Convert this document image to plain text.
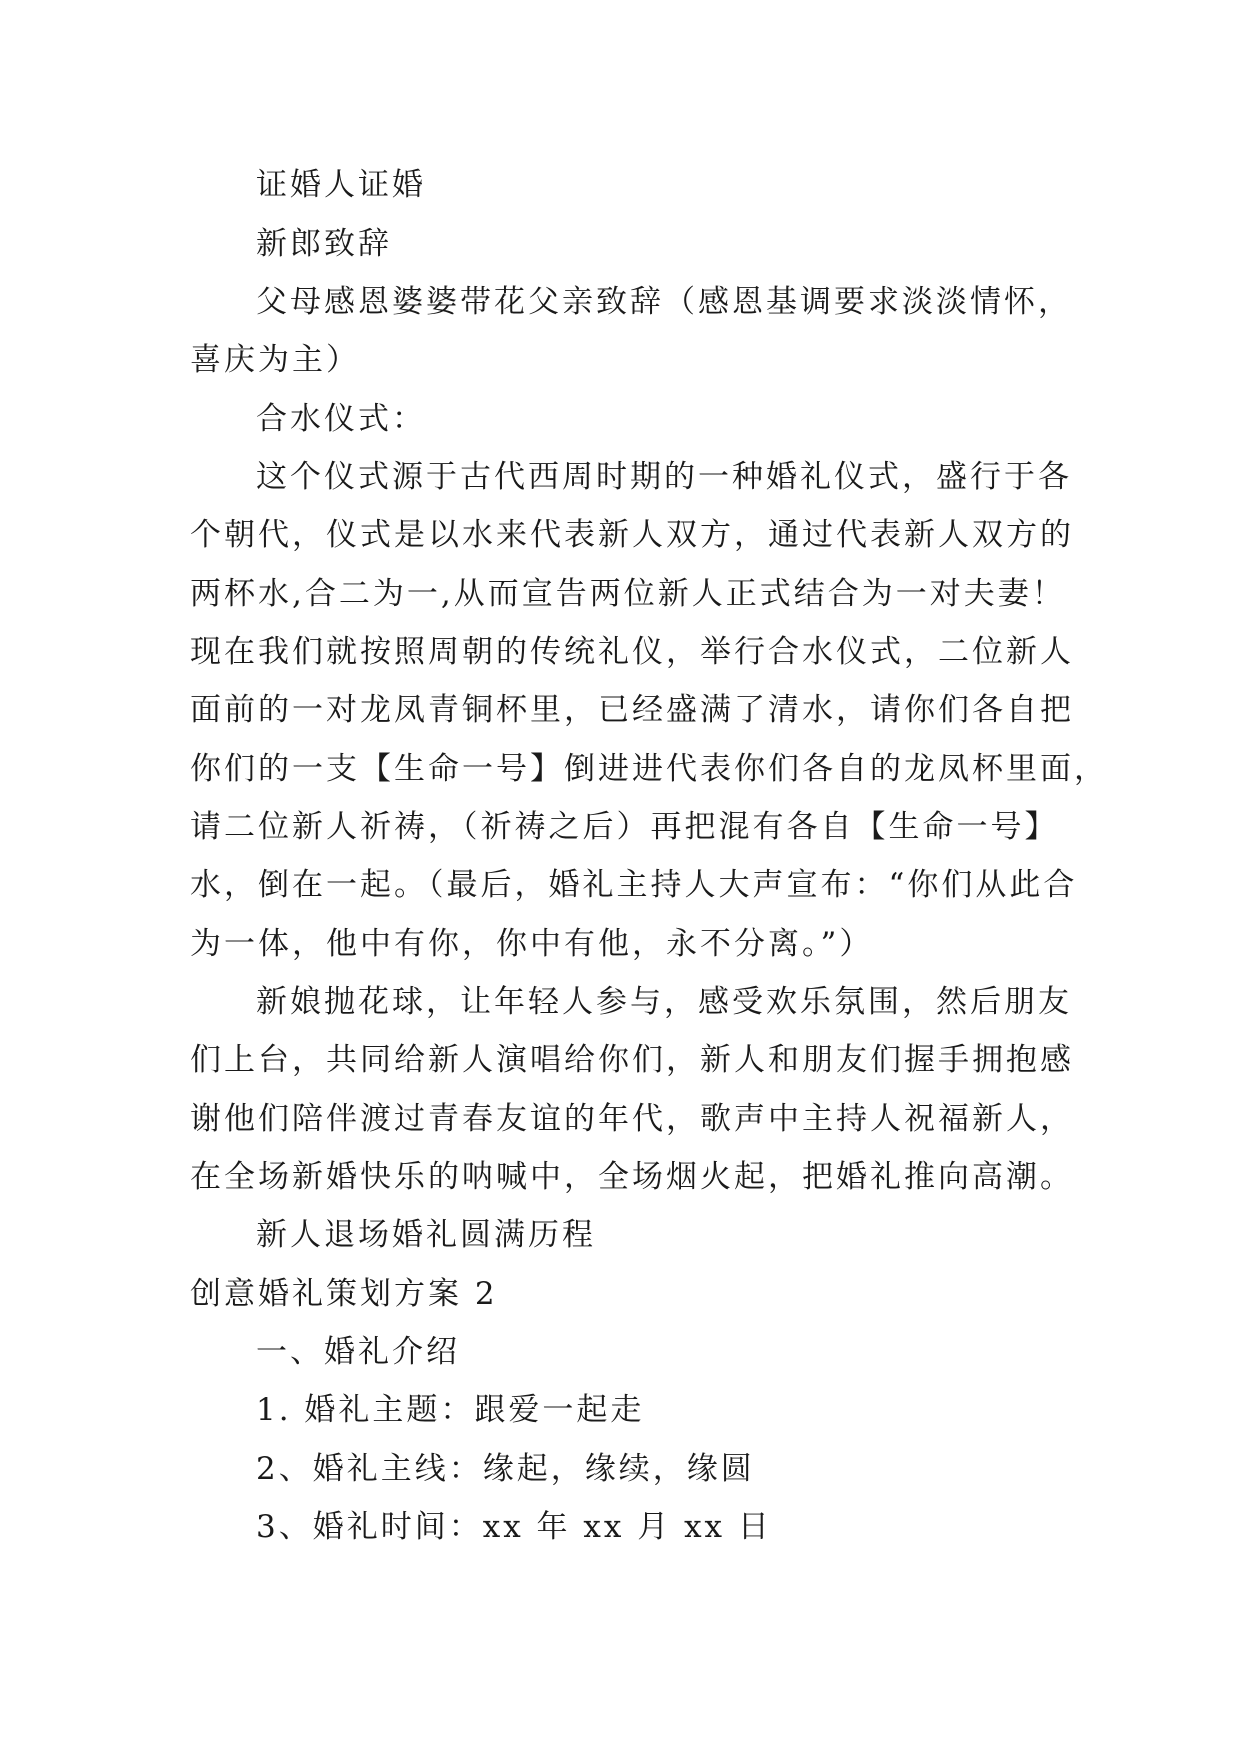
证婚人证婚
新郎致辞
父母感恩婆婆带花父亲致辞（感恩基调要求淡淡情怀，
喜庆为主）
合水仪式：
这个仪式源于古代西周时期的一种婚礼仪式，盛行于各
个朝代，仪式是以水来代表新人双方，通过代表新人双方的
两杯水,合二为一,从而宣告两位新人正式结合为一对夫妻！
现在我们就按照周朝的传统礼仪，举行合水仪式，二位新人
面前的一对龙凤青铜杯里，已经盛满了清水，请你们各自把
你们的一支【生命一号】倒进进代表你们各自的龙凤杯里面，
请二位新人祈祷，（祈祷之后）再把混有各自【生命一号】
水，倒在一起。（最后，婚礼主持人大声宣布：“你们从此合
为一体，他中有你，你中有他，永不分离。”）
新娘抛花球，让年轻人参与，感受欢乐氛围，然后朋友
们上台，共同给新人演唱给你们，新人和朋友们握手拥抱感
谢他们陪伴渡过青春友谊的年代，歌声中主持人祝福新人，
在全场新婚快乐的呐喊中，全场烟火起，把婚礼推向高潮。
新人退场婚礼圆满历程
创意婚礼策划方案 2
一、婚礼介绍
1. 婚礼主题：跟爱一起走
2、婚礼主线：缘起，缘续，缘圆
3、婚礼时间：xx 年 xx 月 xx 日
